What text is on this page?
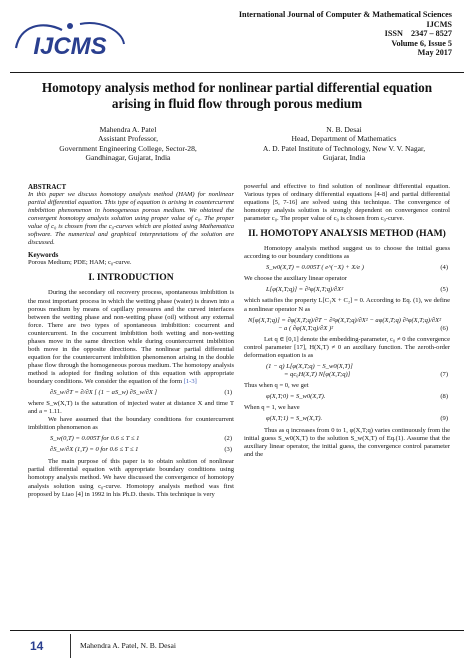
IJCMS
International Journal of Computer & Mathematical Sciences
IJCMS
ISSN    2347 – 8527
Volume 6, Issue 5
May 2017
Homotopy analysis method for nonlinear partial differential equation
arising in fluid flow through porous medium
Mahendra A. Patel
Assistant Professor,
Government Engineering College, Sector-28,
Gandhinagar, Gujarat, India
N. B. Desai
Head, Department of Mathematics
A. D. Patel Institute of Technology, New V. V. Nagar,
Gujarat, India

ABSTRACT

In this paper we discuss homotopy analysis method (HAM) for nonlinear partial differential equation. This type of equation is arising in countercurrent imbibition phenomenon in homogeneous porous medium. We obtained the convergent homotopy analysis solution using proper value of c₀. The proper value of c₀ is chosen from the c₀-curves which are plotted using Mathematica software. The numerical and graphical interpretations of the solution are discussed.

Keywords

Porous Medium; PDE; HAM; c₀-curve.

I. INTRODUCTION

During the secondary oil recovery process, spontaneous imbibition is the most important process in which the wetting phase (water) is drawn into a porous medium by means of capillary pressures and the curved interfaces between the wetting phase and non-wetting phase (oil) without any external force. There are two types of spontaneous imbibition: cocurrent and countercurrent. In the cocurrent imbibition both wetting and non-wetting phases move in the same direction while during countercurrent imbibition both move in the opposite directions. The nonlinear partial differential equation for the countercurrent imbibition phenomenon arising in the double phase flow through the homogeneous porous medium. The homotopy analysis method is adopted for finding solution of this equation with appropriate boundary conditions. We consider the equation of the form [1-3]

∂S_w/∂T = ∂/∂X [ (1 − aS_w) ∂S_w/∂X ]	(1)

where S_w(X,T) is the saturation of injected water at distance X and time T and a = 1.11.

We have assumed that the boundary conditions for countercurrent imbibition phenomenon as

S_w(0,T) = 0.005T for 0.6 ≤ T ≤ 1	(2)
∂S_w/∂X (1,T) = 0 for 0.6 ≤ T ≤ 1	(3)

The main purpose of this paper is to obtain solution of nonlinear partial differential equation with appropriate boundary conditions using homotopy analysis method. We have discussed the convergence of homotopy analysis solution using c₀-curve. Homotopy analysis method was first proposed by Liao [4] in 1992 in his Ph.D. thesis. This technique is very

powerful and effective to find solution of nonlinear differential equation. Various types of ordinary differential equations [4-8] and partial differential equations [5, 7-16] are solved using this technique. The convergence of homotopy analysis solution is strongly dependent on convergence control parameter c₀. The proper value of c₀ is chosen from c₀-curve.

II. HOMOTOPY ANALYSIS METHOD (HAM)

Homotopy analysis method suggest us to choose the initial guess according to our boundary conditions as

S_w0(X,T) = 0.005T ( e^(−X) + X/e )	(4)

We choose the auxiliary linear operator

L[φ(X,T;q)] = ∂²φ(X,T;q)/∂X²	(5)

which satisfies the property L[C₁X + C₂] = 0. According to Eq. (1), we define a nonlinear operator N as

N[φ(X,T;q)] = ∂φ(X,T;q)/∂T − ∂²φ(X,T;q)/∂X² − aφ(X,T;q) ∂²φ(X,T;q)/∂X²
− a ( ∂φ(X,T;q)/∂X )²	(6)

Let q ∈ [0,1] denote the embedding-parameter, c₀ ≠ 0 the convergence control parameter [17], H(X,T) ≠ 0 an auxiliary function. The zeroth-order deformation equation is as

(1 − q) L[φ(X,T;q) − S_w0(X,T)]
= qc₀H(X,T) N[φ(X,T;q)]	(7)

Thus when q = 0, we get

φ(X,T;0) = S_w0(X,T).	(8)

When q = 1, we have

φ(X,T;1) = S_w(X,T).	(9)

Thus as q increases from 0 to 1, φ(X,T;q) varies continuously from the initial guess S_w0(X,T) to the solution S_w(X,T) of Eq.(1). Assume that the auxiliary linear operator, the initial guess, the convergence control parameter and the

14	Mahendra A. Patel, N. B. Desai
